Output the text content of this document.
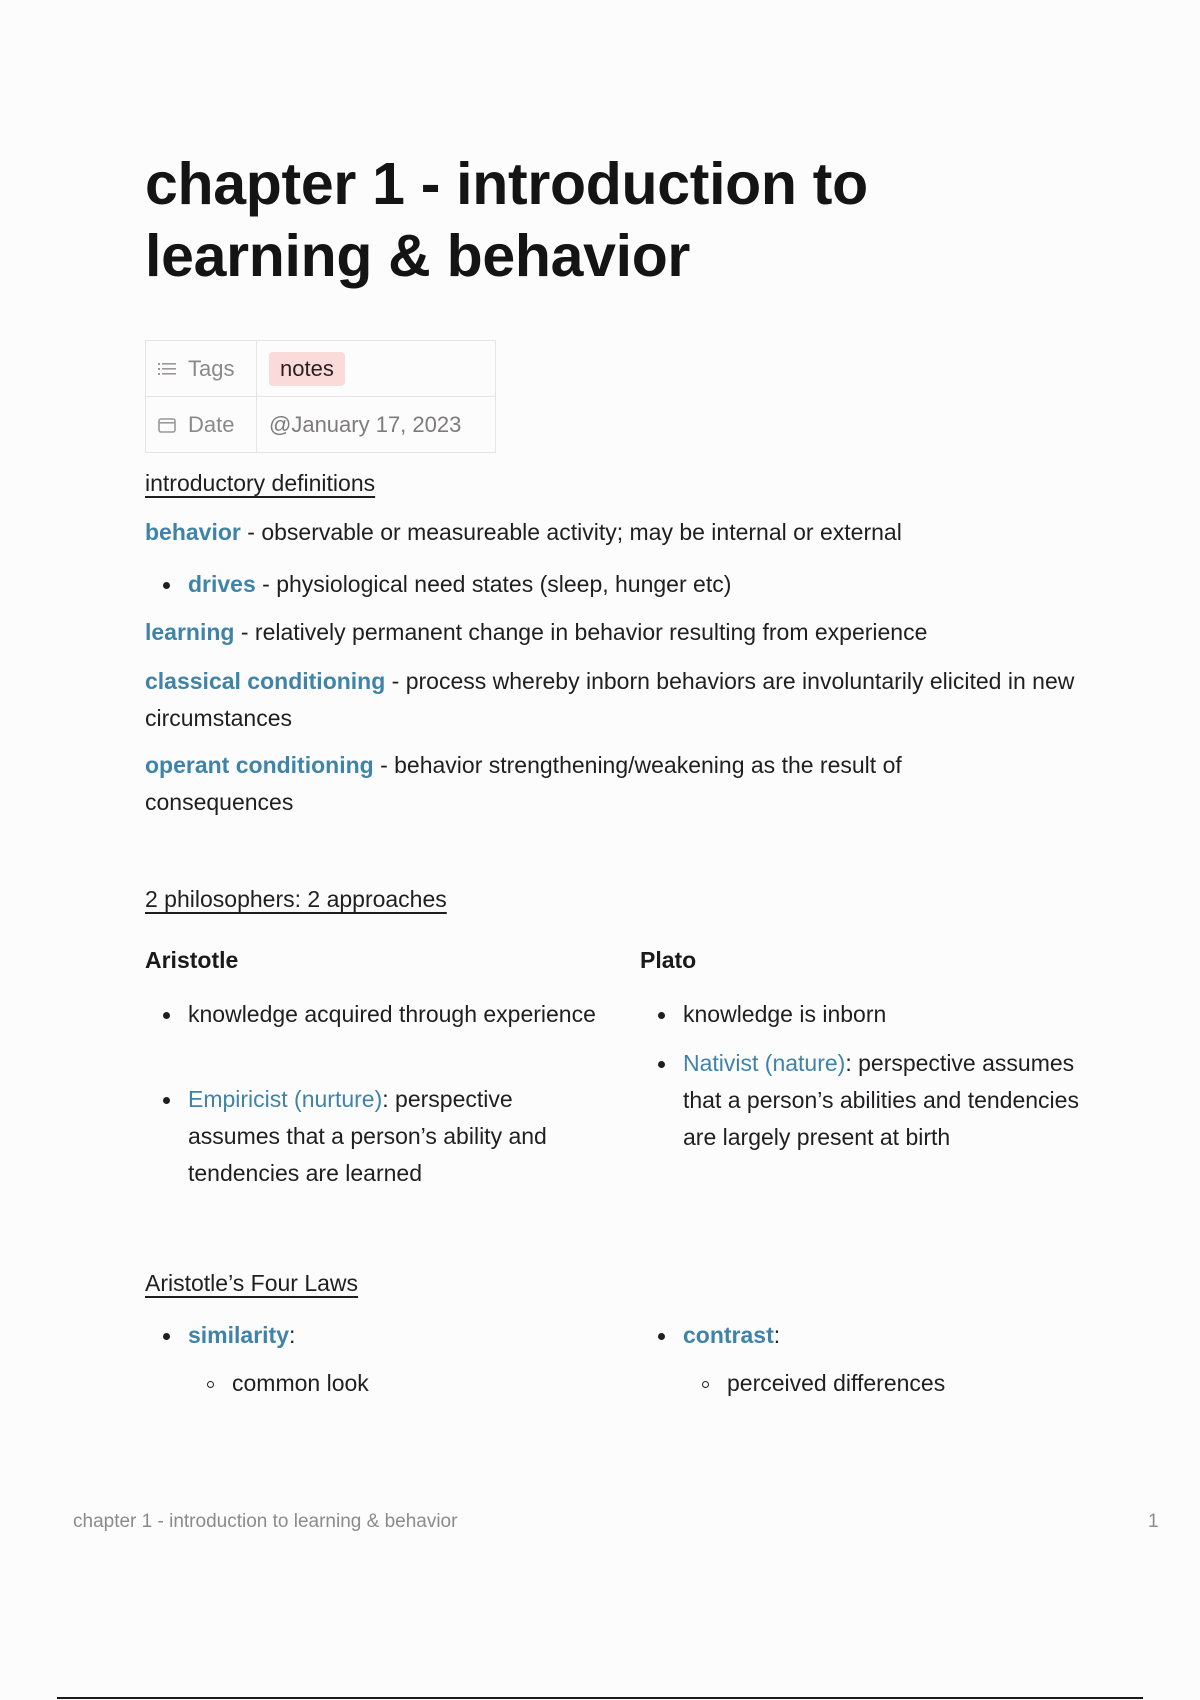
chapter 1 - introduction to learning & behavior
Tags	notes

Date	@January 17, 2023
introductory definitions
behavior - observable or measureable activity; may be internal or external
drives - physiological need states (sleep, hunger etc)
learning - relatively permanent change in behavior resulting from experience
classical conditioning - process whereby inborn behaviors are involuntarily elicited in new circumstances
operant conditioning - behavior strengthening/weakening as the result of consequences
2 philosophers: 2 approaches
Aristotle
knowledge acquired through experience
Empiricist (nurture): perspective assumes that a person’s ability and tendencies are learned
Plato
knowledge is inborn
Nativist (nature): perspective assumes that a person’s abilities and tendencies are largely present at birth
Aristotle’s Four Laws
similarity:
common look
contrast:
perceived differences
chapter 1 - introduction to learning & behavior	1
